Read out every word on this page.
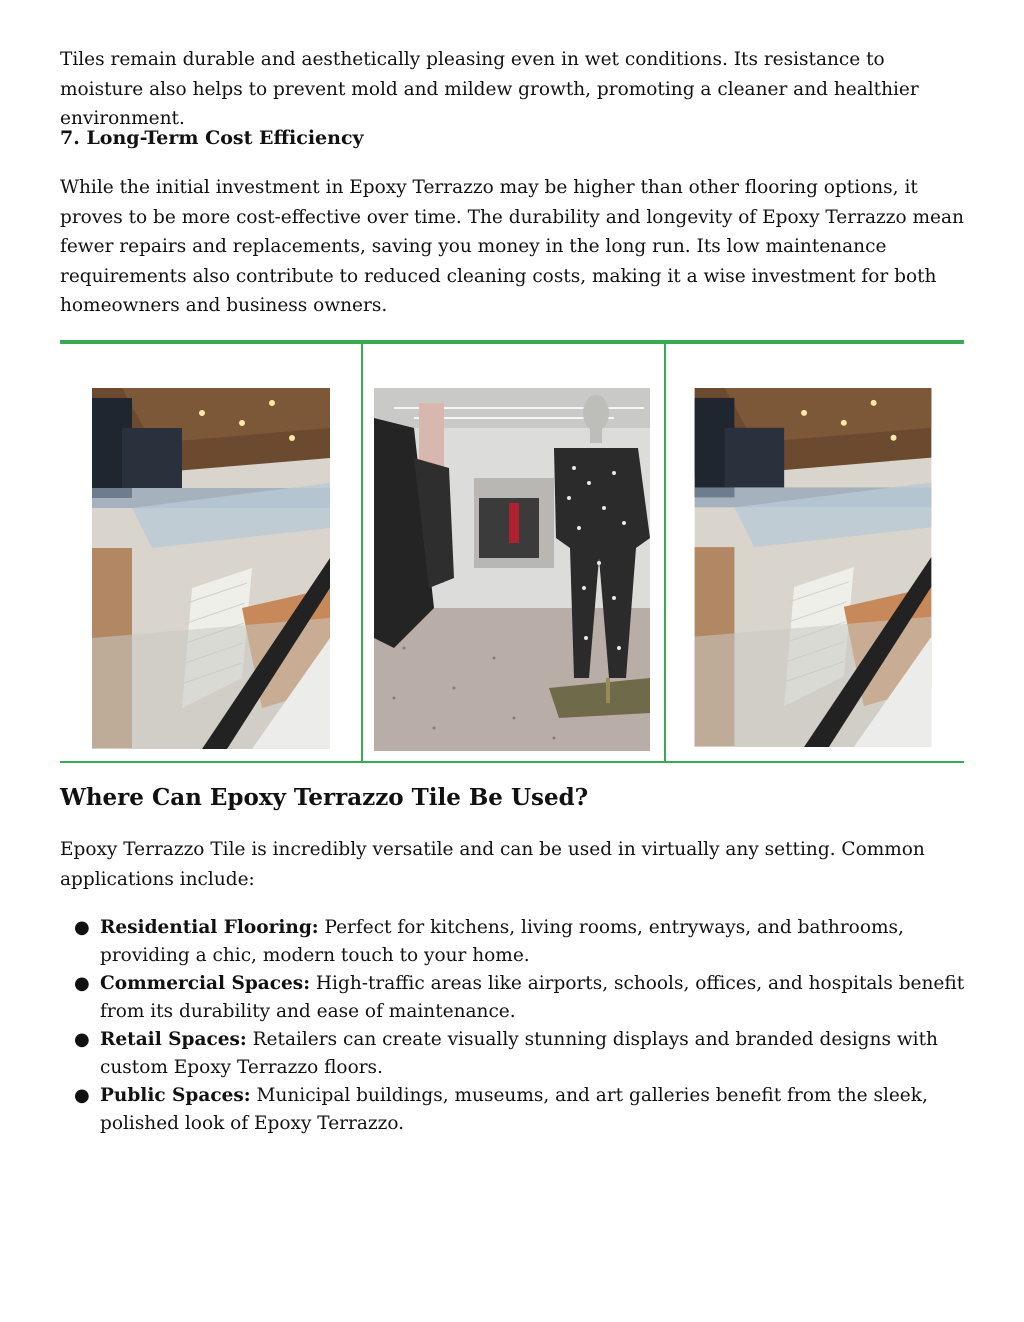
Tiles remain durable and aesthetically pleasing even in wet conditions. Its resistance to moisture also helps to prevent mold and mildew growth, promoting a cleaner and healthier environment.

7. Long-Term Cost Efficiency

While the initial investment in Epoxy Terrazzo may be higher than other flooring options, it proves to be more cost-effective over time. The durability and longevity of Epoxy Terrazzo mean fewer repairs and replacements, saving you money in the long run. Its low maintenance requirements also contribute to reduced cleaning costs, making it a wise investment for both homeowners and business owners.

Where Can Epoxy Terrazzo Tile Be Used?

Epoxy Terrazzo Tile is incredibly versatile and can be used in virtually any setting. Common applications include:

● Residential Flooring: Perfect for kitchens, living rooms, entryways, and bathrooms, providing a chic, modern touch to your home.
● Commercial Spaces: High-traffic areas like airports, schools, offices, and hospitals benefit from its durability and ease of maintenance.
● Retail Spaces: Retailers can create visually stunning displays and branded designs with custom Epoxy Terrazzo floors.
● Public Spaces: Municipal buildings, museums, and art galleries benefit from the sleek, polished look of Epoxy Terrazzo.
